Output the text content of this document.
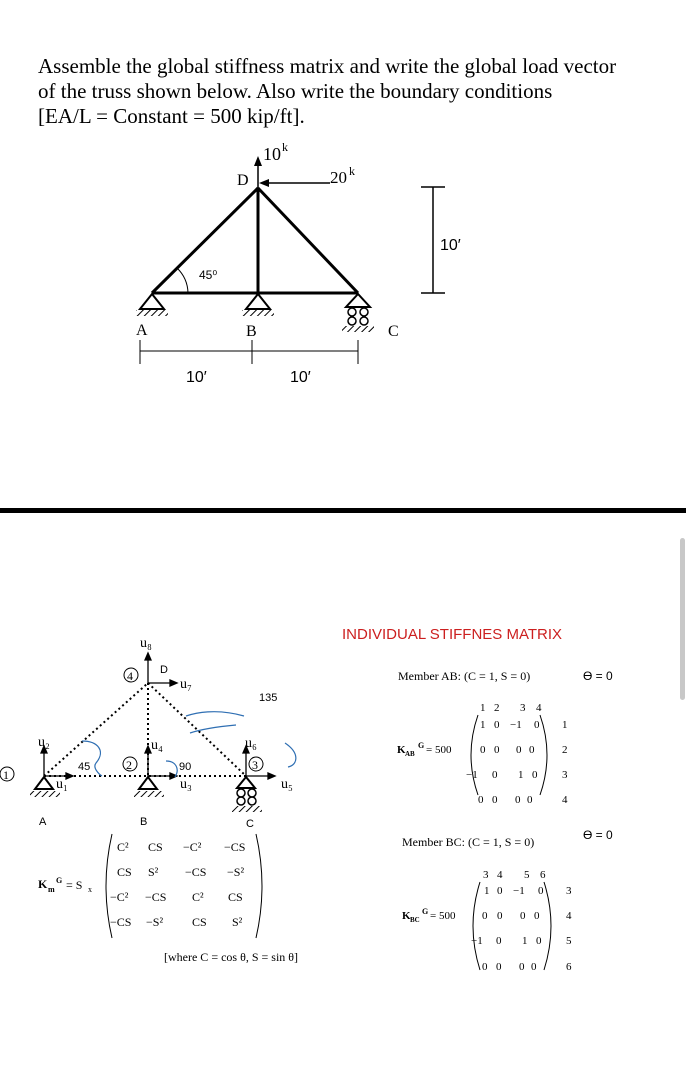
Assemble the global stiffness matrix and write the global load vector
of the truss shown below. Also write the boundary conditions
[EA/L = Constant = 500 kip/ft].
10 k
20 k
D
A	B	C
45⁰
10′
10′	10′
1
2	3
4
u₁
u₂
u₃
u₄
u₅
u₆
u₇
u₈
D
45	90
135
A	B	C
K m
G = S x
C² CS −C² −CS
CS S² −CS −S²
−C² −CS C² CS
−CS −S² CS S²
[where C = cos θ, S = sin θ]
INDIVIDUAL STIFFNES MATRIX
Member AB: (C = 1, S = 0)	ϴ = 0
1 2 3 4
K AB
G = 500
1 0 −1 0
0 0 0 0
−1 0 1 0
0 0 0 0
1
2
3
4
Member BC: (C = 1, S = 0)	ϴ = 0
3 4 5 6
K BC
G = 500
1 0 −1 0
0 0 0 0
−1 0 1 0
0 0 0 0
3
4
5
6
